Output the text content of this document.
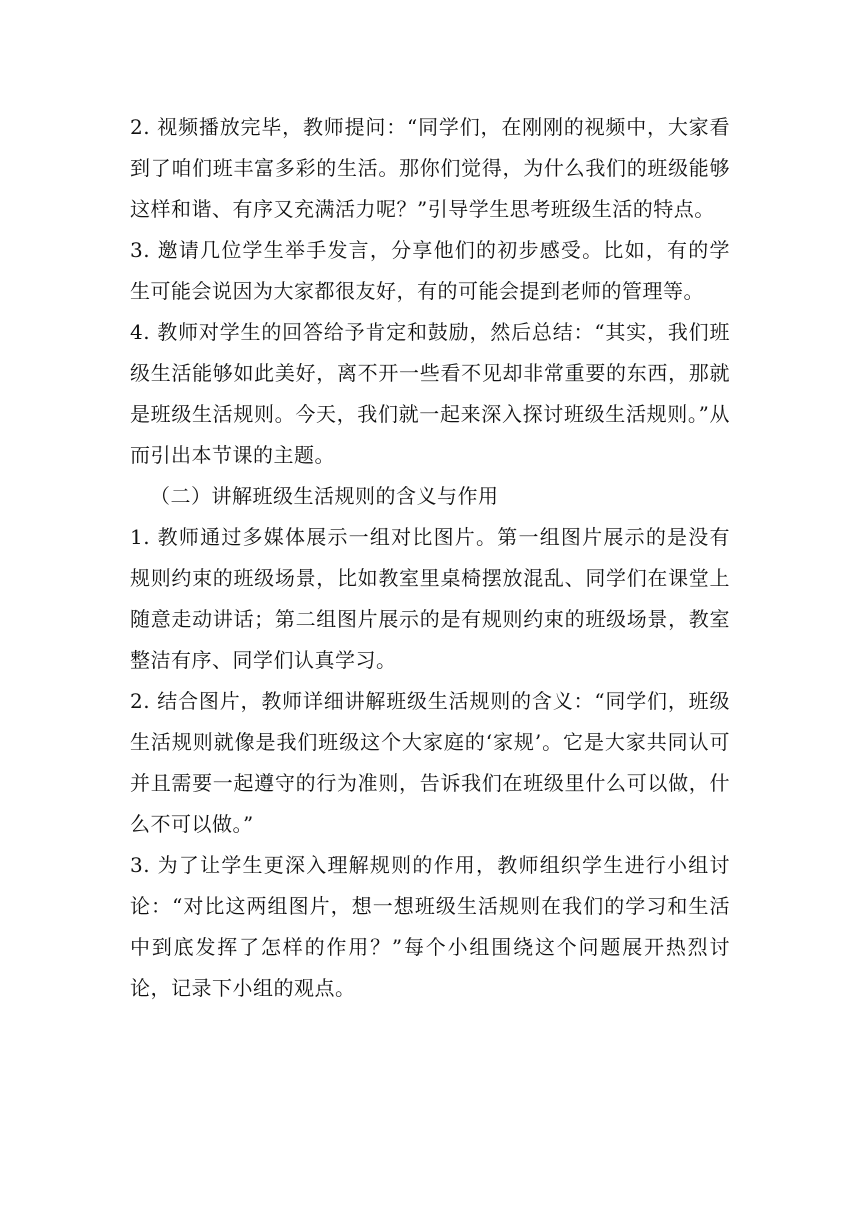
2. 视频播放完毕，教师提问：“同学们，在刚刚的视频中，大家看到了咱们班丰富多彩的生活。那你们觉得，为什么我们的班级能够这样和谐、有序又充满活力呢？”引导学生思考班级生活的特点。

3. 邀请几位学生举手发言，分享他们的初步感受。比如，有的学生可能会说因为大家都很友好，有的可能会提到老师的管理等。

4. 教师对学生的回答给予肯定和鼓励，然后总结：“其实，我们班级生活能够如此美好，离不开一些看不见却非常重要的东西，那就是班级生活规则。今天，我们就一起来深入探讨班级生活规则。”从而引出本节课的主题。

（二）讲解班级生活规则的含义与作用

1. 教师通过多媒体展示一组对比图片。第一组图片展示的是没有规则约束的班级场景，比如教室里桌椅摆放混乱、同学们在课堂上随意走动讲话；第二组图片展示的是有规则约束的班级场景，教室整洁有序、同学们认真学习。

2. 结合图片，教师详细讲解班级生活规则的含义：“同学们，班级生活规则就像是我们班级这个大家庭的‘家规’。它是大家共同认可并且需要一起遵守的行为准则，告诉我们在班级里什么可以做，什么不可以做。”

3. 为了让学生更深入理解规则的作用，教师组织学生进行小组讨论：“对比这两组图片，想一想班级生活规则在我们的学习和生活中到底发挥了怎样的作用？”每个小组围绕这个问题展开热烈讨论，记录下小组的观点。
